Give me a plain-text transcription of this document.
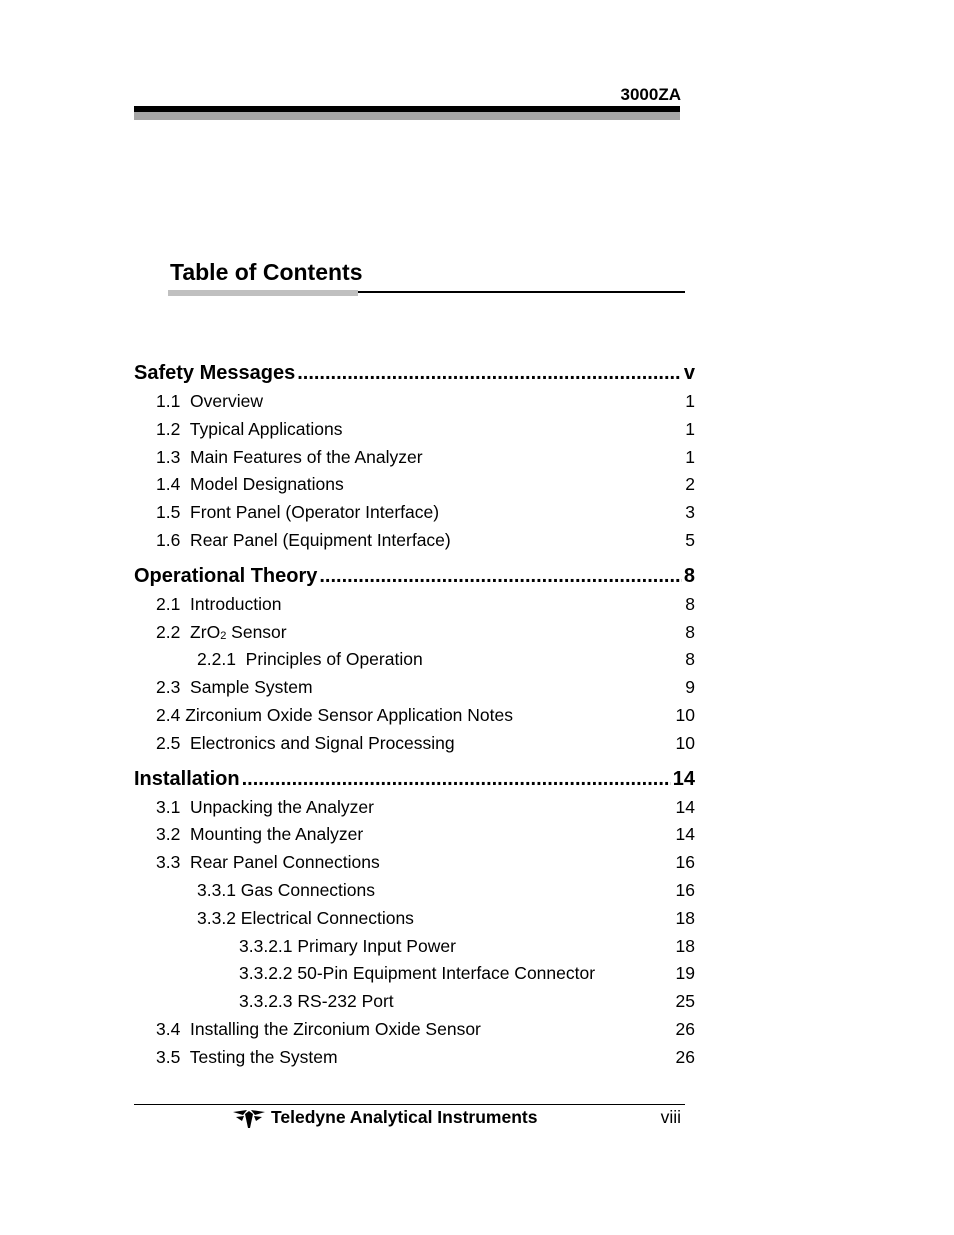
3000ZA
Table of Contents
Safety Messages .....	v
1.1  Overview	1
1.2  Typical Applications	1
1.3  Main Features of the Analyzer	1
1.4  Model Designations	2
1.5  Front Panel (Operator Interface)	3
1.6  Rear Panel (Equipment Interface)	5
Operational Theory .....	8
2.1  Introduction	8
2.2  ZrO$_2$ Sensor	8
2.2.1  Principles of Operation	8
2.3  Sample System	9
2.4 Zirconium Oxide Sensor Application Notes	10
2.5  Electronics and Signal Processing	10
Installation .....	14
3.1  Unpacking the Analyzer	14
3.2  Mounting the Analyzer	14
3.3  Rear Panel Connections	16
3.3.1 Gas Connections	16
3.3.2 Electrical Connections	18
3.3.2.1 Primary Input Power	18
3.3.2.2 50-Pin Equipment Interface Connector	19
3.3.2.3 RS-232 Port	25
3.4  Installing the Zirconium Oxide Sensor	26
3.5  Testing the System	26
Teledyne Analytical Instruments	viii
